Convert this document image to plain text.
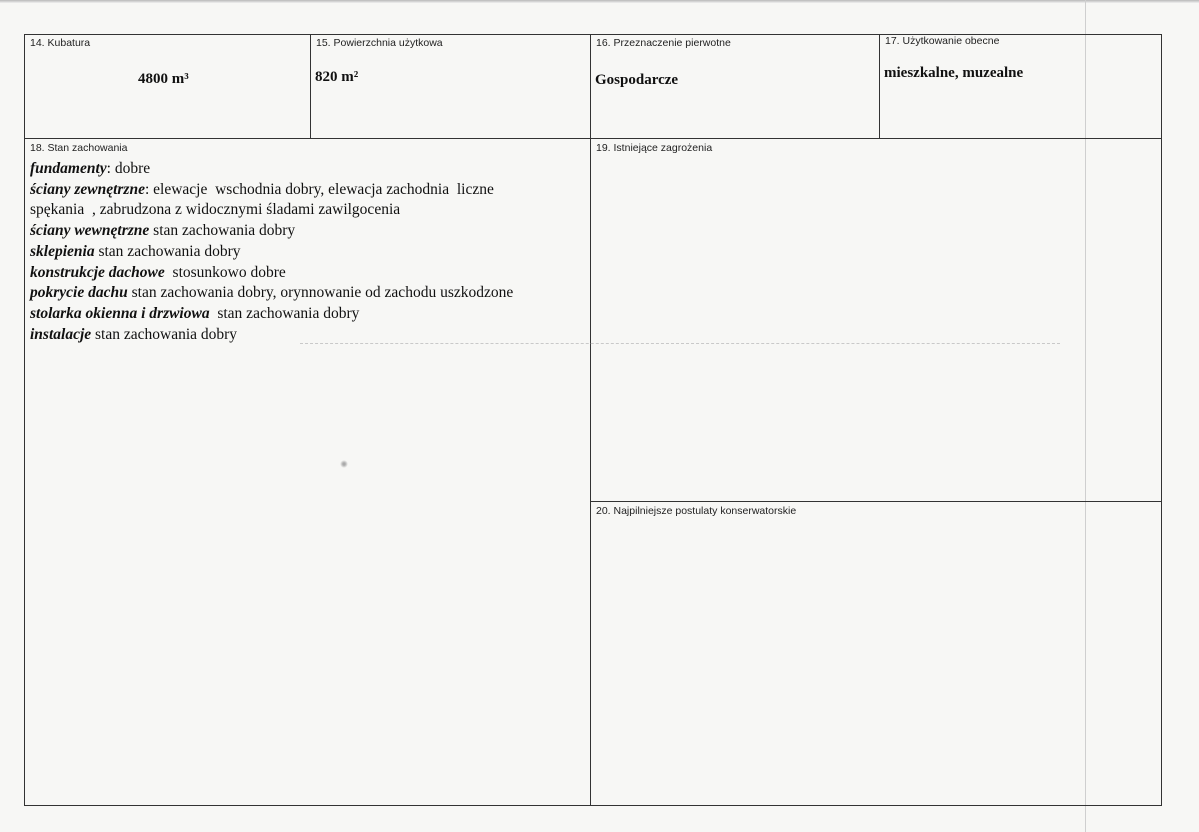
14. Kubatura
4800 m³
15. Powierzchnia użytkowa
820 m²
16. Przeznaczenie pierwotne
Gospodarcze
17. Użytkowanie obecne
mieszkalne, muzealne
18. Stan zachowania
fundamenty: dobre
ściany zewnętrzne: elewacje  wschodnia dobry, elewacja zachodnia  liczne
spękania  , zabrudzona z widocznymi śladami zawilgocenia
ściany wewnętrzne stan zachowania dobry
sklepienia stan zachowania dobry
konstrukcje dachowe  stosunkowo dobre
pokrycie dachu stan zachowania dobry, orynnowanie od zachodu uszkodzone
stolarka okienna i drzwiowa  stan zachowania dobry
instalacje stan zachowania dobry
19. Istniejące zagrożenia
20. Najpilniejsze postulaty konserwatorskie
